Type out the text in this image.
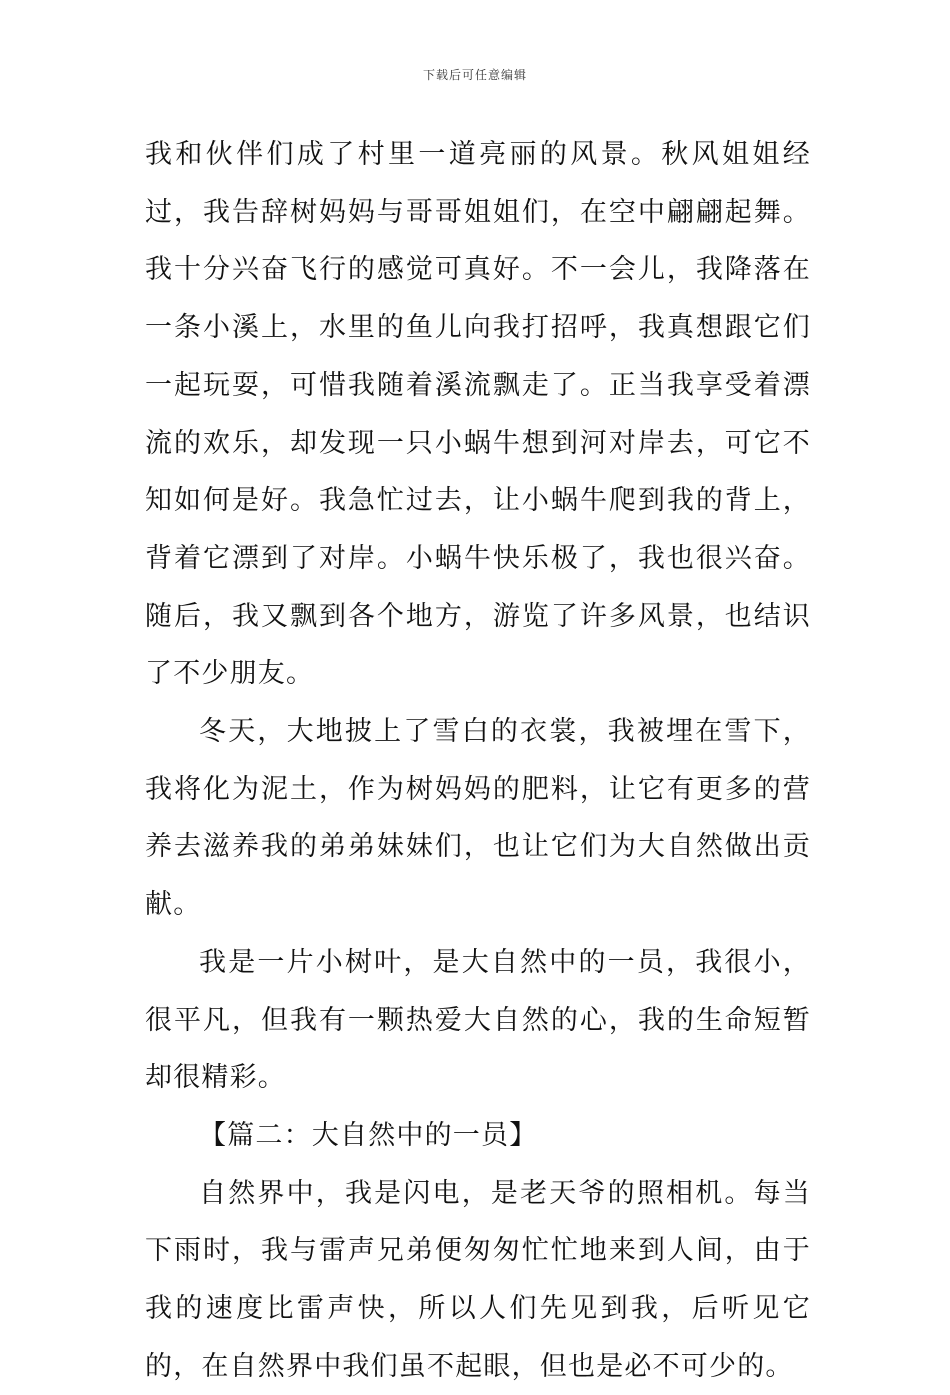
下载后可任意编辑

我和伙伴们成了村里一道亮丽的风景。秋风姐姐经过，我告辞树妈妈与哥哥姐姐们，在空中翩翩起舞。我十分兴奋飞行的感觉可真好。不一会儿，我降落在一条小溪上，水里的鱼儿向我打招呼，我真想跟它们一起玩耍，可惜我随着溪流飘走了。正当我享受着漂流的欢乐，却发现一只小蜗牛想到河对岸去，可它不知如何是好。我急忙过去，让小蜗牛爬到我的背上，背着它漂到了对岸。小蜗牛快乐极了，我也很兴奋。随后，我又飘到各个地方，游览了许多风景，也结识了不少朋友。

冬天，大地披上了雪白的衣裳，我被埋在雪下，我将化为泥土，作为树妈妈的肥料，让它有更多的营养去滋养我的弟弟妹妹们，也让它们为大自然做出贡献。

我是一片小树叶，是大自然中的一员，我很小，很平凡，但我有一颗热爱大自然的心，我的生命短暂却很精彩。

【篇二：大自然中的一员】

自然界中，我是闪电，是老天爷的照相机。每当下雨时，我与雷声兄弟便匆匆忙忙地来到人间，由于我的速度比雷声快，所以人们先见到我，后听见它的，在自然界中我们虽不起眼，但也是必不可少的。
